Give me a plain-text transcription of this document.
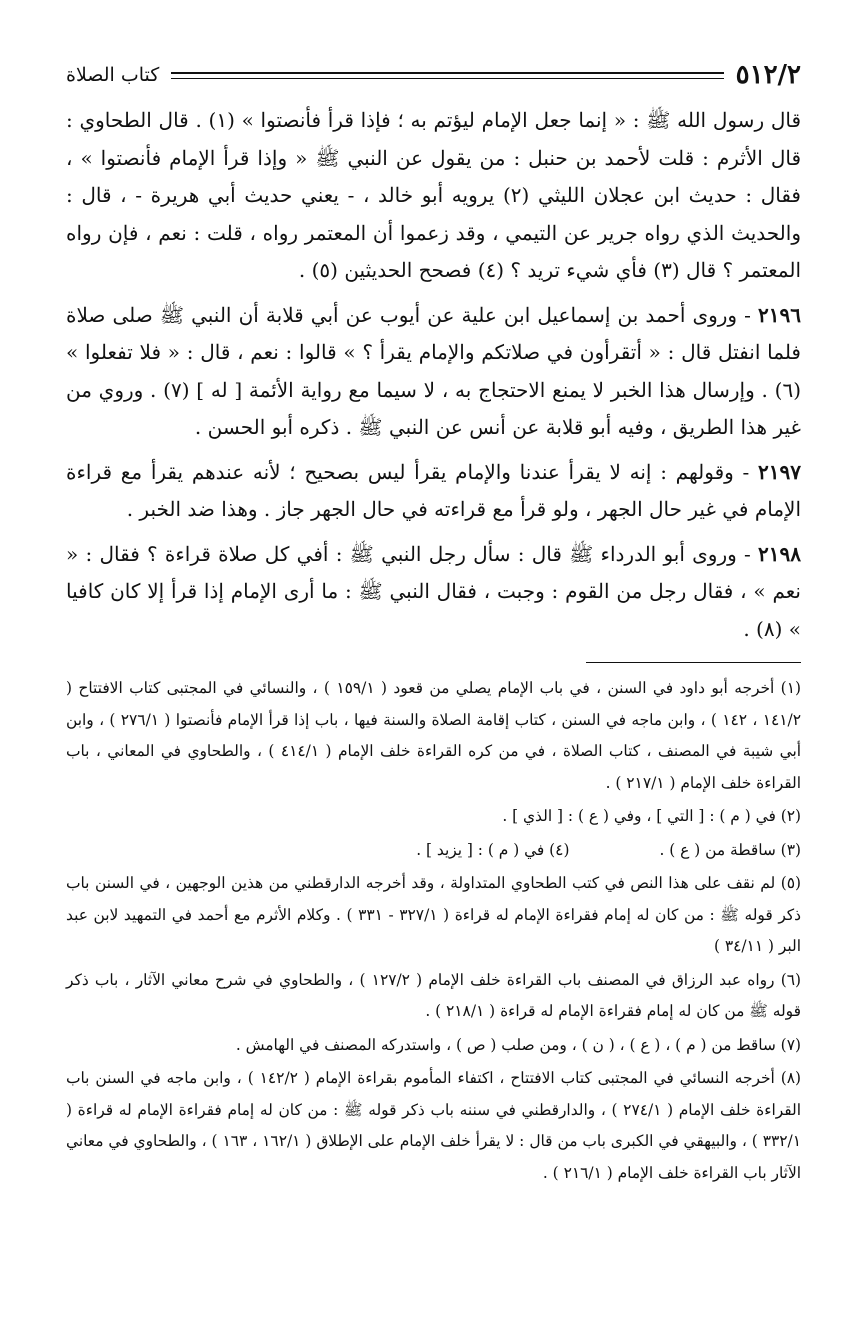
٥١٢/٢
كتاب الصلاة

قال رسول الله ﷺ : « إنما جعل الإمام ليؤتم به ؛ فإذا قرأ فأنصتوا » (١) . قال الطحاوي : قال الأثرم : قلت لأحمد بن حنبل : من يقول عن النبي ﷺ « وإذا قرأ الإمام فأنصتوا » ، فقال : حديث ابن عجلان الليثي (٢) يرويه أبو خالد ، - يعني حديث أبي هريرة - ، قال : والحديث الذي رواه جرير عن التيمي ، وقد زعموا أن المعتمر رواه ، قلت : نعم ، فإن رواه المعتمر ؟ قال (٣) فأي شيء تريد ؟ (٤) فصحح الحديثين (٥) .

٢١٩٦ - وروى أحمد بن إسماعيل ابن علية عن أيوب عن أبي قلابة أن النبي ﷺ صلى صلاة فلما انفتل قال : « أتقرأون في صلاتكم والإمام يقرأ ؟ » قالوا : نعم ، قال : « فلا تفعلوا » (٦) . وإرسال هذا الخبر لا يمنع الاحتجاج به ، لا سيما مع رواية الأئمة [ له ] (٧) . وروي من غير هذا الطريق ، وفيه أبو قلابة عن أنس عن النبي ﷺ . ذكره أبو الحسن .

٢١٩٧ - وقولهم : إنه لا يقرأ عندنا والإمام يقرأ ليس بصحيح ؛ لأنه عندهم يقرأ مع قراءة الإمام في غير حال الجهر ، ولو قرأ مع قراءته في حال الجهر جاز . وهذا ضد الخبر .

٢١٩٨ - وروى أبو الدرداء ﷺ قال : سأل رجل النبي ﷺ : أفي كل صلاة قراءة ؟ فقال : « نعم » ، فقال رجل من القوم : وجبت ، فقال النبي ﷺ : ما أرى الإمام إذا قرأ إلا كان كافيا » (٨) .

(١) أخرجه أبو داود في السنن ، في باب الإمام يصلي من قعود ( ١٥٩/١ ) ، والنسائي في المجتبى كتاب الافتتاح ( ١٤١/٢ ، ١٤٢ ) ، وابن ماجه في السنن ، كتاب إقامة الصلاة والسنة فيها ، باب إذا قرأ الإمام فأنصتوا ( ٢٧٦/١ ) ، وابن أبي شيبة في المصنف ، كتاب الصلاة ، في من كره القراءة خلف الإمام ( ٤١٤/١ ) ، والطحاوي في المعاني ، باب القراءة خلف الإمام ( ٢١٧/١ ) .

(٢) في ( م ) : [ التي ] ، وفي ( ع ) : [ الذي ] .

(٣) ساقطة من ( ع ) .
(٤) في ( م ) : [ يزيد ] .

(٥) لم نقف على هذا النص في كتب الطحاوي المتداولة ، وقد أخرجه الدارقطني من هذين الوجهين ، في السنن باب ذكر قوله ﷺ : من كان له إمام فقراءة الإمام له قراءة ( ٣٢٧/١ - ٣٣١ ) . وكلام الأثرم مع أحمد في التمهيد لابن عبد البر ( ٣٤/١١ )

(٦) رواه عبد الرزاق في المصنف باب القراءة خلف الإمام ( ١٢٧/٢ ) ، والطحاوي في شرح معاني الآثار ، باب ذكر قوله ﷺ من كان له إمام فقراءة الإمام له قراءة ( ٢١٨/١ ) .

(٧) ساقط من ( م ) ، ( ع ) ، ( ن ) ، ومن صلب ( ص ) ، واستدركه المصنف في الهامش .

(٨) أخرجه النسائي في المجتبى كتاب الافتتاح ، اكتفاء المأموم بقراءة الإمام ( ١٤٢/٢ ) ، وابن ماجه في السنن باب القراءة خلف الإمام ( ٢٧٤/١ ) ، والدارقطني في سننه باب ذكر قوله ﷺ : من كان له إمام فقراءة الإمام له قراءة ( ٣٣٢/١ ) ، والبيهقي في الكبرى باب من قال : لا يقرأ خلف الإمام على الإطلاق ( ١٦٢/١ ، ١٦٣ ) ، والطحاوي في معاني الآثار باب القراءة خلف الإمام ( ٢١٦/١ ) .
